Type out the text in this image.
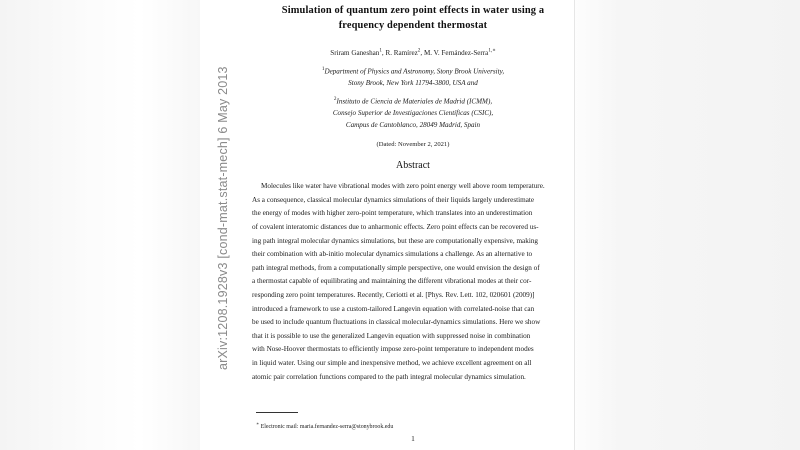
arXiv:1208.1928v3 [cond-mat.stat-mech] 6 May 2013
Simulation of quantum zero point effects in water using a
frequency dependent thermostat
Sriram Ganeshan$^1$, R. Ramírez$^2$, M. V. Fernández-Serra$^{1,∗}$
$^1$Department of Physics and Astronomy, Stony Brook University,
Stony Brook, New York 11794-3800, USA and
$^2$Instituto de Ciencia de Materiales de Madrid (ICMM),
Consejo Superior de Investigaciones Científicas (CSIC),
Campus de Cantoblanco, 28049 Madrid, Spain
(Dated: November 2, 2021)
Abstract
Molecules like water have vibrational modes with zero point energy well above room temperature.
As a consequence, classical molecular dynamics simulations of their liquids largely underestimate
the energy of modes with higher zero-point temperature, which translates into an underestimation
of covalent interatomic distances due to anharmonic effects. Zero point effects can be recovered us-
ing path integral molecular dynamics simulations, but these are computationally expensive, making
their combination with ab-initio molecular dynamics simulations a challenge. As an alternative to
path integral methods, from a computationally simple perspective, one would envision the design of
a thermostat capable of equilibrating and maintaining the different vibrational modes at their cor-
responding zero point temperatures. Recently, Ceriotti et al. [Phys. Rev. Lett. 102, 020601 (2009)]
introduced a framework to use a custom-tailored Langevin equation with correlated-noise that can
be used to include quantum fluctuations in classical molecular-dynamics simulations. Here we show
that it is possible to use the generalized Langevin equation with suppressed noise in combination
with Nose-Hoover thermostats to efficiently impose zero-point temperature to independent modes
in liquid water. Using our simple and inexpensive method, we achieve excellent agreement on all
atomic pair correlation functions compared to the path integral molecular dynamics simulation.
∗ Electronic mail: maria.fernandez-serra@stonybrook.edu
1
